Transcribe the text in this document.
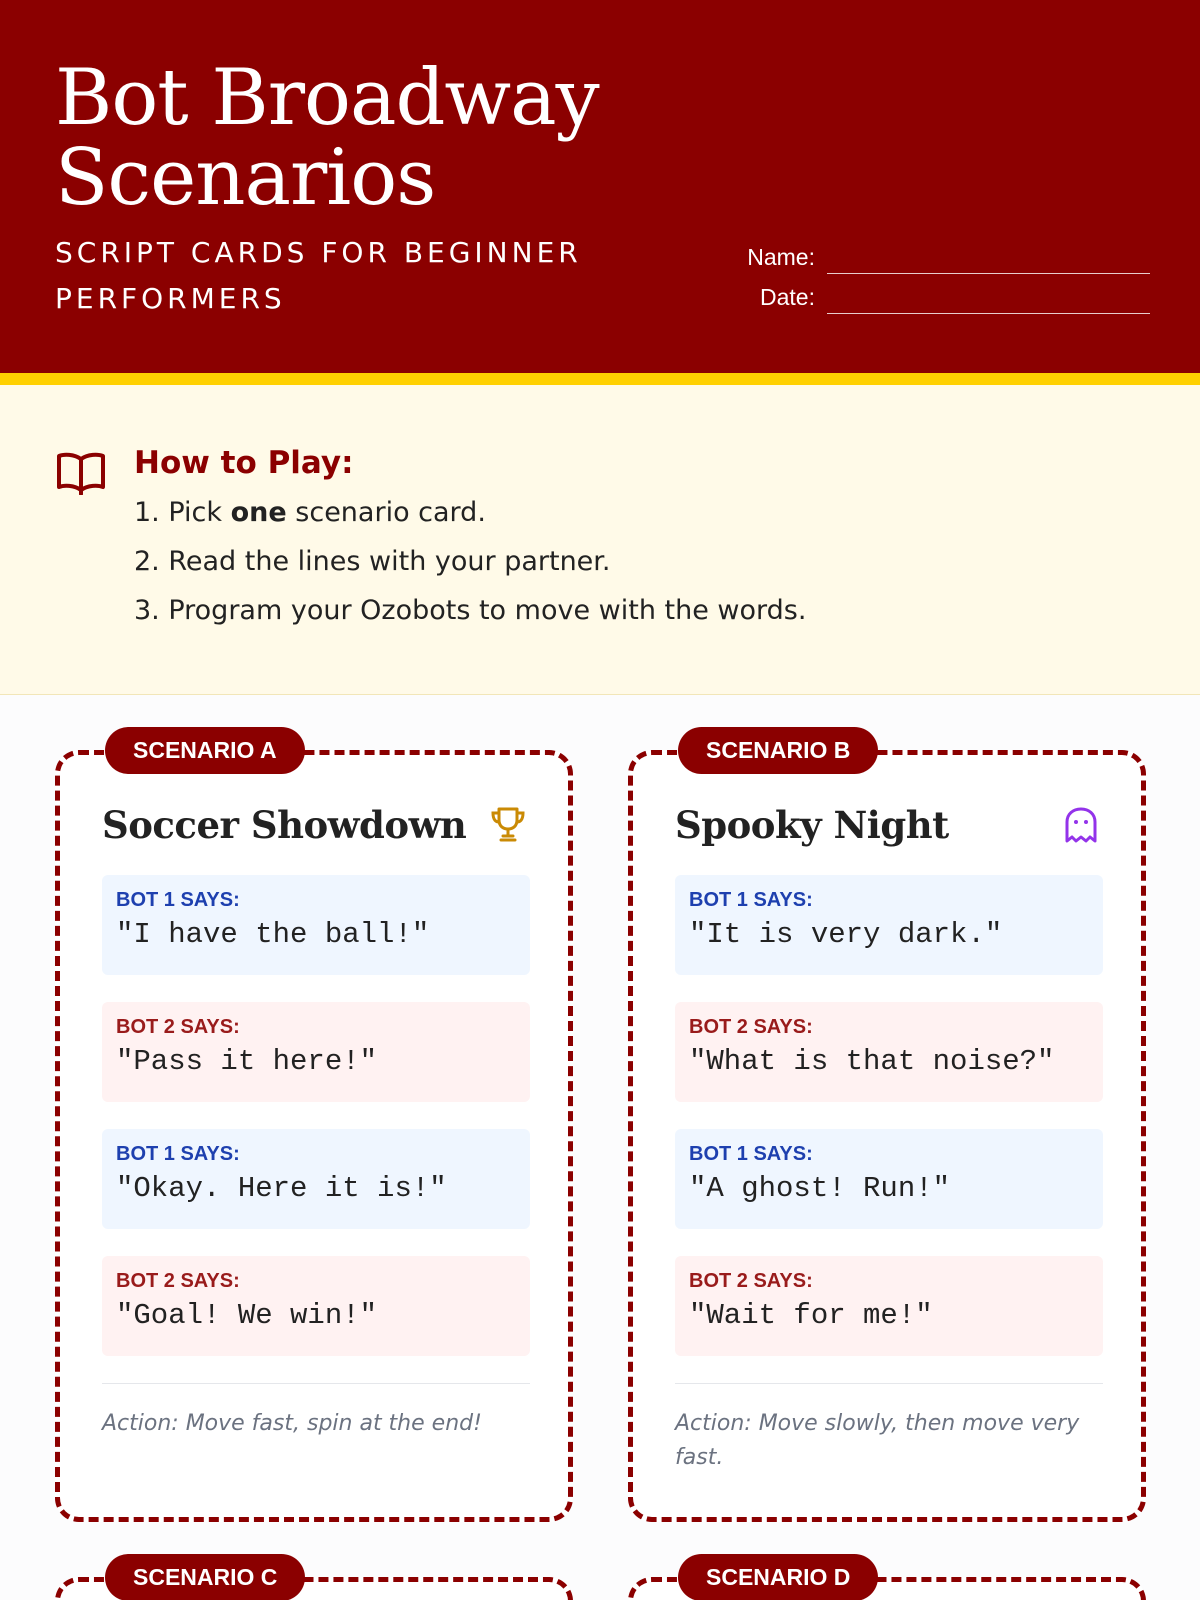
Bot Broadway
Scenarios
SCRIPT CARDS FOR BEGINNER PERFORMERS
Name:
Date:
How to Play:
1. Pick one scenario card.
2. Read the lines with your partner.
3. Program your Ozobots to move with the words.
SCENARIO A
Soccer Showdown
BOT 1 SAYS:
"I have the ball!"
BOT 2 SAYS:
"Pass it here!"
BOT 1 SAYS:
"Okay. Here it is!"
BOT 2 SAYS:
"Goal! We win!"
Action: Move fast, spin at the end!
SCENARIO B
Spooky Night
BOT 1 SAYS:
"It is very dark."
BOT 2 SAYS:
"What is that noise?"
BOT 1 SAYS:
"A ghost! Run!"
BOT 2 SAYS:
"Wait for me!"
Action: Move slowly, then move very fast.
SCENARIO C	SCENARIO D
